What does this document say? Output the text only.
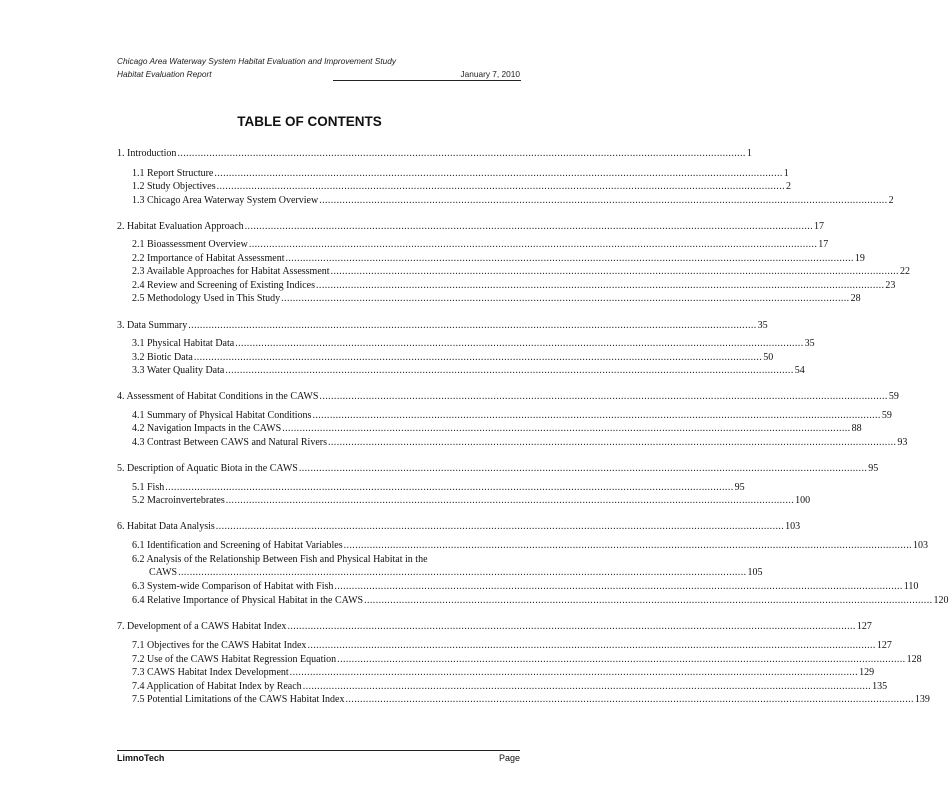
Chicago Area Waterway System Habitat Evaluation and Improvement Study
Habitat Evaluation Report	January 7, 2010
TABLE OF CONTENTS
1. Introduction .................................................................................................................................................................................................... 1
1.1 Report Structure .................................................................................................................................................................................................... 1
1.2 Study Objectives .................................................................................................................................................................................................... 2
1.3 Chicago Area Waterway System Overview .................................................................................................................................................................................................... 2
2. Habitat Evaluation Approach .................................................................................................................................................................................................... 17
2.1 Bioassessment Overview .................................................................................................................................................................................................... 17
2.2 Importance of Habitat Assessment .................................................................................................................................................................................................... 19
2.3 Available Approaches for Habitat Assessment .................................................................................................................................................................................................... 22
2.4 Review and Screening of Existing Indices .................................................................................................................................................................................................... 23
2.5 Methodology Used in This Study .................................................................................................................................................................................................... 28
3. Data Summary .................................................................................................................................................................................................... 35
3.1 Physical Habitat Data .................................................................................................................................................................................................... 35
3.2 Biotic Data .................................................................................................................................................................................................... 50
3.3 Water Quality Data .................................................................................................................................................................................................... 54
4. Assessment of Habitat Conditions in the CAWS .................................................................................................................................................................................................... 59
4.1 Summary of Physical Habitat Conditions .................................................................................................................................................................................................... 59
4.2 Navigation Impacts in the CAWS .................................................................................................................................................................................................... 88
4.3 Contrast Between CAWS and Natural Rivers .................................................................................................................................................................................................... 93
5. Description of Aquatic Biota in the CAWS .................................................................................................................................................................................................... 95
5.1 Fish .................................................................................................................................................................................................... 95
5.2 Macroinvertebrates .................................................................................................................................................................................................... 100
6. Habitat Data Analysis .................................................................................................................................................................................................... 103
6.1 Identification and Screening of Habitat Variables .................................................................................................................................................................................................... 103
6.2 Analysis of the Relationship Between Fish and Physical Habitat in the
CAWS .................................................................................................................................................................................................... 105
6.3 System-wide Comparison of Habitat with Fish .................................................................................................................................................................................................... 110
6.4 Relative Importance of Physical Habitat in the CAWS .................................................................................................................................................................................................... 120
7. Development of a CAWS Habitat Index .................................................................................................................................................................................................... 127
7.1 Objectives for the CAWS Habitat Index .................................................................................................................................................................................................... 127
7.2 Use of the CAWS Habitat Regression Equation .................................................................................................................................................................................................... 128
7.3 CAWS Habitat Index Development .................................................................................................................................................................................................... 129
7.4 Application of Habitat Index by Reach .................................................................................................................................................................................................... 135
7.5 Potential Limitations of the CAWS Habitat Index .................................................................................................................................................................................................... 139
LimnoTech	Page
